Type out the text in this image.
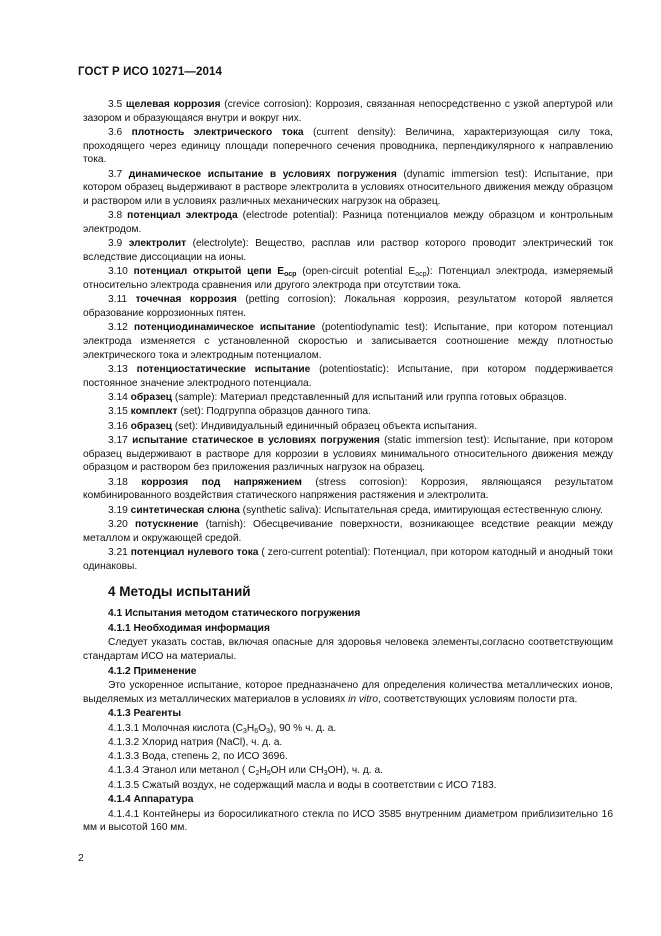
ГОСТ Р ИСО 10271—2014

3.5 щелевая коррозия (crevice corrosion): Коррозия, связанная непосредственно с узкой апертурой или зазором и образующаяся внутри и вокруг них.

3.6 плотность электрического тока (current density): Величина, характеризующая силу тока, проходящего через единицу площади поперечного сечения проводника, перпендикулярного к направлению тока.

3.7 динамическое испытание в условиях погружения (dynamic immersion test): Испытание, при котором образец выдерживают в растворе электролита в условиях относительного движения между образцом и раствором или в условиях различных механических нагрузок на образец.

3.8 потенциал электрода (electrode potential): Разница потенциалов между образцом и контрольным электродом.

3.9 электролит (electrolyte): Вещество, расплав или раствор которого проводит электрический ток вследствие диссоциации на ионы.

3.10 потенциал открытой цепи $E_{оср}$ (open-circuit potential $E_{оср}$): Потенциал электрода, измеряемый относительно электрода сравнения или другого электрода при отсутствии тока.

3.11 точечная коррозия (petting corrosion): Локальная коррозия, результатом которой является образование коррозионных пятен.

3.12 потенциодинамическое испытание (potentiodynamic test): Испытание, при котором потенциал электрода изменяется с установленной скоростью и записывается соотношение между плотностью электрического тока и электродным потенциалом.

3.13 потенциостатические испытание (potentiostatic): Испытание, при котором поддерживается постоянное значение электродного потенциала.

3.14 образец (sample): Материал представленный для испытаний или группа готовых образцов.

3.15 комплект (set): Подгруппа образцов данного типа.

3.16 образец (set): Индивидуальный единичный образец объекта испытания.

3.17 испытание статическое в условиях погружения (static immersion test): Испытание, при котором образец выдерживают в растворе для коррозии в условиях минимального относительного движения между образцом и раствором без приложения различных нагрузок на образец.

3.18 коррозия под напряжением (stress corrosion): Коррозия, являющаяся результатом комбинированного воздействия статического напряжения растяжения и электролита.

3.19 синтетическая слюна (synthetic saliva): Испытательная среда, имитирующая естественную слюну.

3.20 потускнение (tarnish): Обесцвечивание поверхности, возникающее вседствие реакции между металлом и окружающей средой.

3.21 потенциал нулевого тока ( zero-current potential): Потенциал, при котором катодный и анодный токи одинаковы.

4 Методы испытаний

4.1 Испытания методом статического погружения

4.1.1 Необходимая информация

Следует указать состав, включая опасные для здоровья человека элементы,согласно соответствующим стандартам ИСО на материалы.

4.1.2 Применение

Это ускоренное испытание, которое предназначено для определения количества металлических ионов, выделяемых из металлических материалов в условиях in vitro, соответствующих условиям полости рта.

4.1.3 Реагенты

4.1.3.1 Молочная кислота $(C_3H_6O_3)$, 90 % ч. д. а.

4.1.3.2 Хлорид натрия (NaCl), ч. д. а.

4.1.3.3 Вода, степень 2, по ИСО 3696.

4.1.3.4 Этанол или метанол ( $C_2H_5OH$ или $CH_3OH$), ч. д. а.

4.1.3.5 Сжатый воздух, не содержащий масла и воды в соответствии с ИСО 7183.

4.1.4 Аппаратура

4.1.4.1 Контейнеры из боросиликатного стекла по ИСО 3585 внутренним диаметром приблизительно 16 мм и высотой 160 мм.

2
